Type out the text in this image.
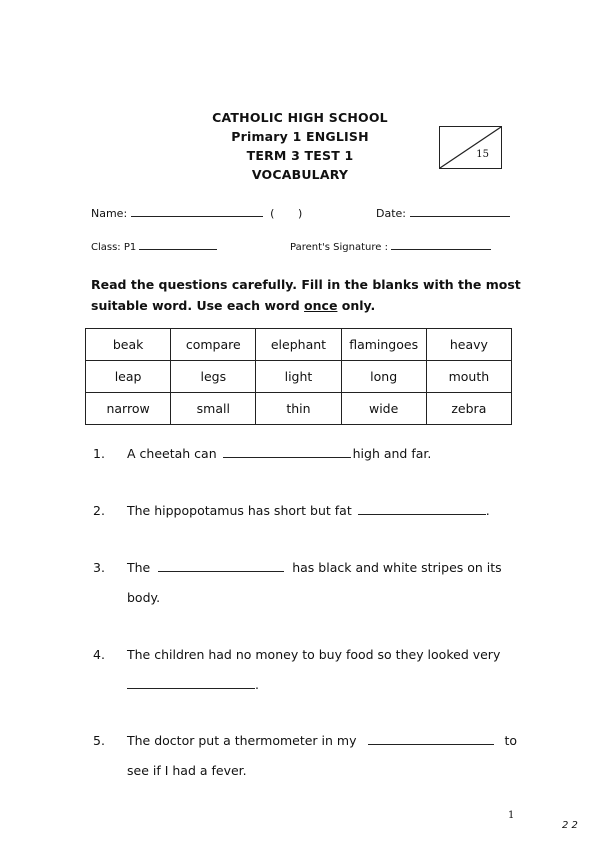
CATHOLIC HIGH SCHOOL
Primary 1 ENGLISH
TERM 3 TEST 1
VOCABULARY
15
Name:	( )	Date:
Class: P1	Parent's Signature :
Read the questions carefully. Fill in the blanks with the most suitable word. Use each word once only.
beak	compare	elephant	flamingoes	heavy
leap	legs	light	long	mouth
narrow	small	thin	wide	zebra
1. A cheetah can	high and far.
2. The hippopotamus has short but fat	.
3. The	has black and white stripes on its
body.
4. The children had no money to buy food so they looked very
.
5. The doctor put a thermometer in my	to
see if I had a fever.
1
2 2
